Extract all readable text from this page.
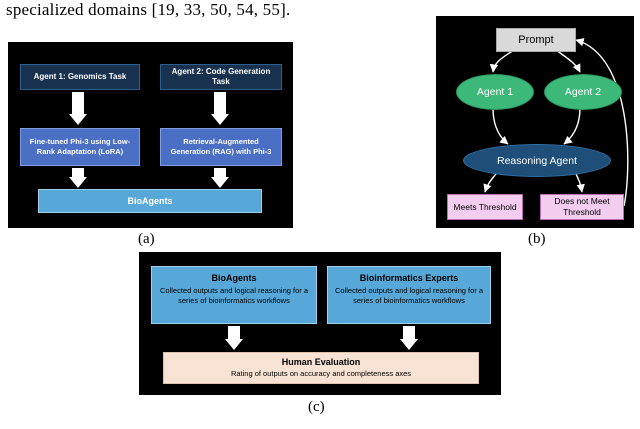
specialized domains [19, 33, 50, 54, 55].
Agent 1: Genomics Task
Agent 2: Code Generation Task
Fine-tuned Phi-3 using Low-Rank Adaptation (LoRA)
Retrieval-Augmented Generation (RAG) with Phi-3
BioAgents
(a)
Prompt
Agent 1	Agent 2
Reasoning Agent
Meets Threshold
Does not Meet Threshold
(b)
BioAgents
Collected outputs and logical reasoning for a series of bioinformatics workflows
Bioinformatics Experts
Collected outputs and logical reasoning for a series of bioinformatics workflows
Human Evaluation
Rating of outputs on accuracy and completeness axes
(c)
